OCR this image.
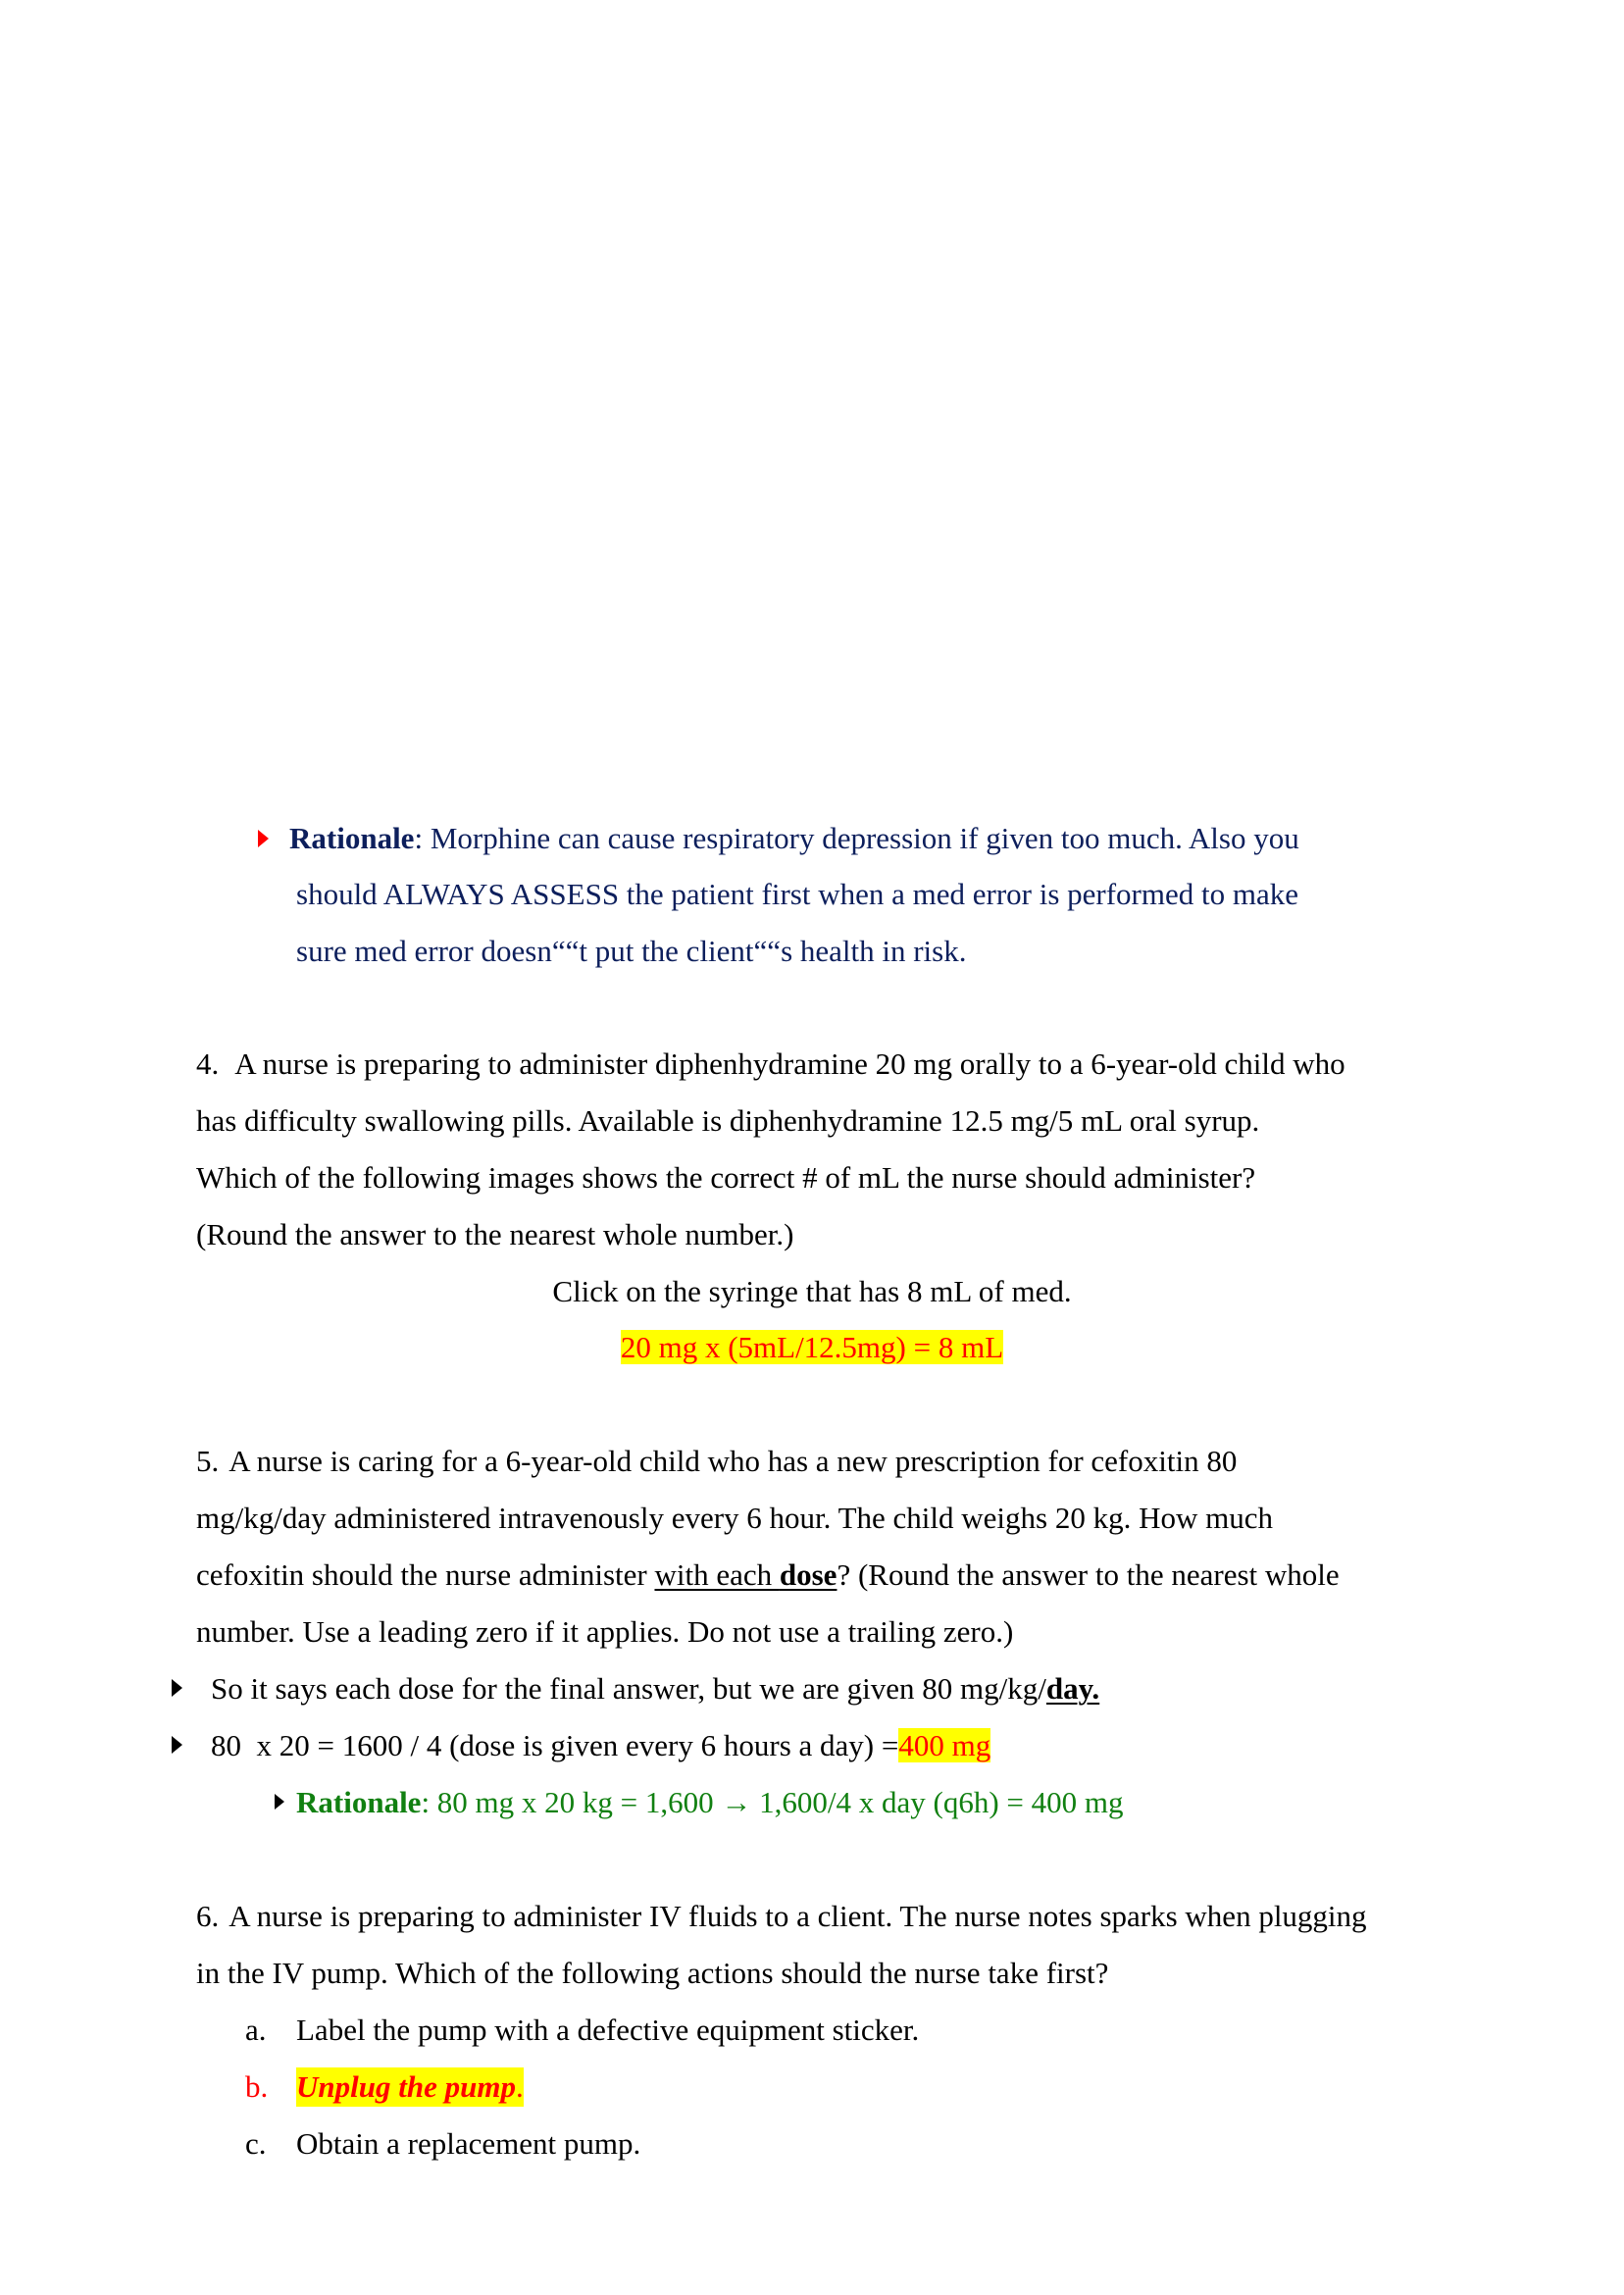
Rationale: Morphine can cause respiratory depression if given too much. Also you
should ALWAYS ASSESS the patient first when a med error is performed to make
sure med error doesn““t put the client““s health in risk.
4. A nurse is preparing to administer diphenhydramine 20 mg orally to a 6-year-old child who
has difficulty swallowing pills. Available is diphenhydramine 12.5 mg/5 mL oral syrup.
Which of the following images shows the correct # of mL the nurse should administer?
(Round the answer to the nearest whole number.)
Click on the syringe that has 8 mL of med.
20 mg x (5mL/12.5mg) = 8 mL
5. A nurse is caring for a 6-year-old child who has a new prescription for cefoxitin 80
mg/kg/day administered intravenously every 6 hour. The child weighs 20 kg. How much
cefoxitin should the nurse administer with each dose? (Round the answer to the nearest whole
number. Use a leading zero if it applies. Do not use a trailing zero.)
So it says each dose for the final answer, but we are given 80 mg/kg/day.
80  x 20 = 1600 / 4 (dose is given every 6 hours a day) =400 mg
Rationale: 80 mg x 20 kg = 1,600 → 1,600/4 x day (q6h) = 400 mg
6. A nurse is preparing to administer IV fluids to a client. The nurse notes sparks when plugging
in the IV pump. Which of the following actions should the nurse take first?
a. Label the pump with a defective equipment sticker.
b. Unplug the pump.
c. Obtain a replacement pump.
